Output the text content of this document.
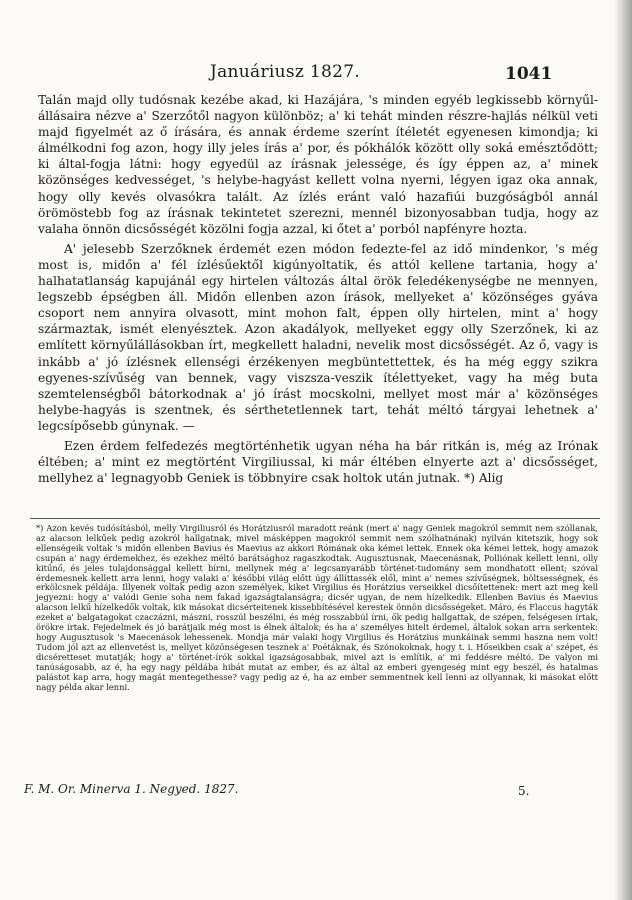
Januáriusz 1827.	1041

Talán majd olly tudósnak kezébe akad, ki Hazájára, 's minden egyéb legkissebb környűl-állásaira nézve a' Szerzőtől nagyon különböz; a' ki tehát minden részre-hajlás nélkül veti majd figyelmét az ő írására, és annak érdeme szerínt ítéletét egyenesen kimondja; ki álmélkodni fog azon, hogy illy jeles írás a' por, és pókhálók között olly soká emésztődött; ki által-fogja látni: hogy egyedül az írásnak jelessége, és így éppen az, a' minek közönséges kedvességet, 's helybe-hagyást kellett volna nyerni, légyen igaz oka annak, hogy olly kevés olvasókra talált. Az ízlés eránt való hazafiúi buzgóságból annál örömöstebb fog az írásnak tekintetet szerezni, mennél bizonyosabban tudja, hogy az valaha önnön dicsősségét közölni fogja azzal, ki őtet a' porból napfényre hozta.

A' jelesebb Szerzőknek érdemét ezen módon fedezte-fel az idő mindenkor, 's még most is, midőn a' fél ízlésűektől kigúnyoltatik, és attól kellene tartania, hogy a' halhatatlanság kapujánál egy hirtelen változás által örök feledékenységbe ne mennyen, legszebb épségben áll. Midőn ellenben azon írások, mellyeket a' közönséges gyáva csoport nem annyira olvasott, mint mohon falt, éppen olly hirtelen, mint a' hogy származtak, ismét elenyésztek. Azon akadályok, mellyeket eggy olly Szerzőnek, ki az említett környűlállásokban írt, megkellett haladni, nevelik most dicsősségét. Az ő, vagy is inkább a' jó ízlésnek ellenségi érzékenyen megbüntettettek, és ha még eggy szikra egyenes-szívűség van bennek, vagy viszsza-veszik ítélettyeket, vagy ha még buta szemtelenségből bátorkodnak a' jó írást mocskolni, mellyet most már a' közönséges helybe-hagyás is szentnek, és sérthetetlennek tart, tehát méltó tárgyai lehetnek a' legcsípősebb gúnynak. —

Ezen érdem felfedezés megtörténhetik ugyan néha ha bár ritkán is, még az Irónak éltében; a' mint ez megtörtént Virgiliussal, ki már éltében elnyerte azt a' dicsősséget, mellyhez a' legnagyobb Geniek is többnyire csak holtok után jutnak. *) Alig

*) Azon kevés tudósításból, melly Virgiliusról és Horátziusról maradott reánk (mert a' nagy Geniek magokról semmit nem szóllanak, az alacson lelkűek pedig azokról hallgatnak, mivel másképpen magokról semmit nem szólhatnának) nyilván kitetszik, hogy sok ellenségeik voltak 's midőn ellenben Bavius és Maevius az akkori Rómának oka kémei lettek. Ennek oka kémei lettek, hogy amazok csupán a' nagy érdemekhez, és ezekhez méltó barátsághoz ragaszkodtak. Augusztusnak, Maecenásnak, Polliónak kellett lenni, olly kitűnő, és jeles tulajdonsággal kellett bírni, mellynek még a' legcsanyarább történet-tudomány sem mondhatott ellent; szóval érdemesnek kellett arra lenni, hogy valaki a' későbbi világ előtt úgy állíttassék elől, mint a' nemes szívűségnek, böltsességnek, és erkölcsnek példája. Illyenek voltak pedig azon személyek, kiket Virgilius és Horátzius verseikkel dicsőítettenek: mert azt meg kell jegyezni: hogy a' valódi Genie soha nem fakad igazságtalanságra; dicsér ugyan, de nem hízelkedik. Ellenben Bavius és Maevius alacson lelkű hízelkedők voltak, kik másokat dicsérteitenek kissebbítésével kerestek önnön dicsősségeket. Máro, és Flaccus hagyták ezeket a' balgatagokat czaczázni, mászni, rosszúl beszélni, és még rosszabbúl írni, ők pedig hallgattak, de szépen, felségesen írtak, örökre írtak. Fejedelmek és jó barátjaik még most is élnek általok; és ha a' személyes hitelt érdemel, általok sokan arra serkentek: hogy Augusztusok 's Maecenások lehessenek. Mondja már valaki hogy Virgilius és Horátzius munkáinak semmi haszna nem volt! Tudom jól azt az ellenvetést is, mellyet közönségesen tesznek a' Poétáknak, és Szónokoknak, hogy t. i. Hőseikben csak a' szépet, és dicséretteset mutatják; hogy a' történet-írók sokkal igazságosabbak, mivel azt is említik, a' mi feddésre méltó. De valyon mi tanúságosabb, az é, ha egy nagy példába hibát mutat az ember, és az által az emberi gyengeség mint egy beszél, és hatalmas palástot kap arra, hogy magát mentegethesse? vagy pedig az é, ha az ember semmentnek kell lenni az ollyannak, ki másokat előtt nagy példa akar lenni.
F. M. Or. Minerva 1. Negyed. 1827.	5.
